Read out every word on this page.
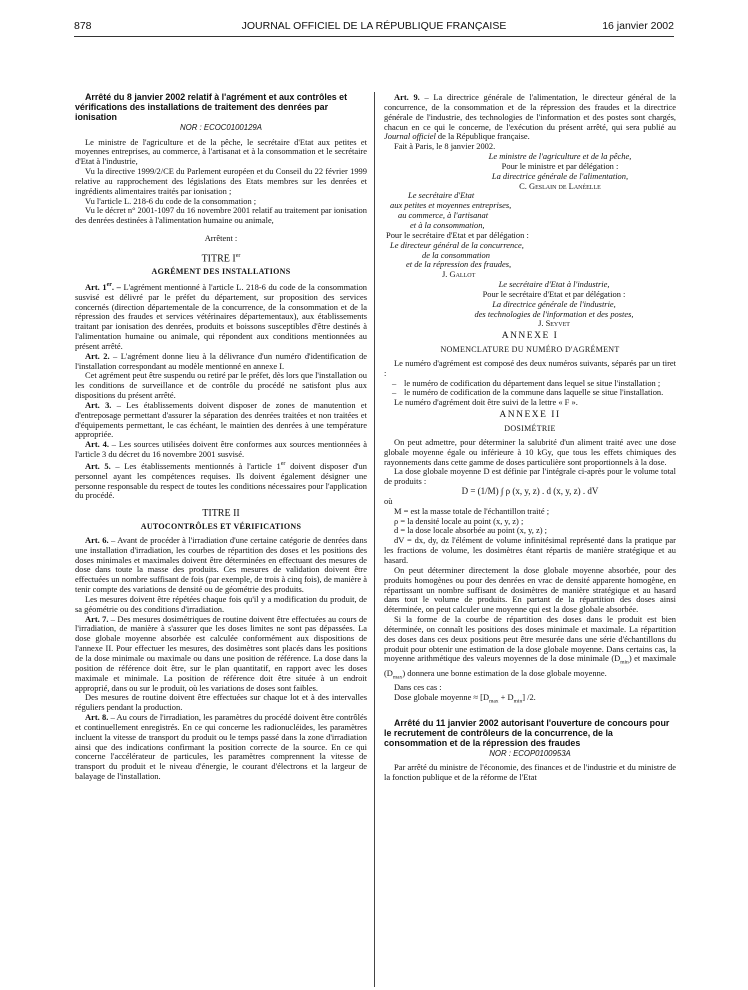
878	JOURNAL OFFICIEL DE LA RÉPUBLIQUE FRANÇAISE	16 janvier 2002

Arrêté du 8 janvier 2002 relatif à l'agrément et aux contrôles et vérifications des installations de traitement des denrées par ionisation

NOR : ECOC0100129A

Le ministre de l'agriculture et de la pêche, le secrétaire d'Etat aux petites et moyennes entreprises, au commerce, à l'artisanat et à la consommation et le secrétaire d'Etat à l'industrie,

Vu la directive 1999/2/CE du Parlement européen et du Conseil du 22 février 1999 relative au rapprochement des législations des Etats membres sur les denrées et ingrédients alimentaires traités par ionisation ;

Vu l'article L. 218-6 du code de la consommation ;

Vu le décret n° 2001-1097 du 16 novembre 2001 relatif au traitement par ionisation des denrées destinées à l'alimentation humaine ou animale,

Arrêtent :

TITRE Ier

AGRÉMENT DES INSTALLATIONS

Art. 1er. – L'agrément mentionné à l'article L. 218-6 du code de la consommation susvisé est délivré par le préfet du département, sur proposition des services concernés (direction départementale de la concurrence, de la consommation et de la répression des fraudes et services vétérinaires départementaux), aux établissements traitant par ionisation des denrées, produits et boissons susceptibles d'être destinés à l'alimentation humaine ou animale, qui répondent aux conditions mentionnées au présent arrêté.

Art. 2. – L'agrément donne lieu à la délivrance d'un numéro d'identification de l'installation correspondant au modèle mentionné en annexe I.

Cet agrément peut être suspendu ou retiré par le préfet, dès lors que l'installation ou les conditions de surveillance et de contrôle du procédé ne satisfont plus aux dispositions du présent arrêté.

Art. 3. – Les établissements doivent disposer de zones de manutention et d'entreposage permettant d'assurer la séparation des denrées traitées et non traitées et d'équipements permettant, le cas échéant, le maintien des denrées à une température appropriée.

Art. 4. – Les sources utilisées doivent être conformes aux sources mentionnées à l'article 3 du décret du 16 novembre 2001 susvisé.

Art. 5. – Les établissements mentionnés à l'article 1er doivent disposer d'un personnel ayant les compétences requises. Ils doivent également désigner une personne responsable du respect de toutes les conditions nécessaires pour l'application du procédé.

TITRE II

AUTOCONTRÔLES ET VÉRIFICATIONS

Art. 6. – Avant de procéder à l'irradiation d'une certaine catégorie de denrées dans une installation d'irradiation, les courbes de répartition des doses et les positions des doses minimales et maximales doivent être déterminées en effectuant des mesures de dose dans toute la masse des produits. Ces mesures de validation doivent être effectuées un nombre suffisant de fois (par exemple, de trois à cinq fois), de manière à tenir compte des variations de densité ou de géométrie des produits.

Les mesures doivent être répétées chaque fois qu'il y a modification du produit, de sa géométrie ou des conditions d'irradiation.

Art. 7. – Des mesures dosimétriques de routine doivent être effectuées au cours de l'irradiation, de manière à s'assurer que les doses limites ne sont pas dépassées. La dose globale moyenne absorbée est calculée conformément aux dispositions de l'annexe II. Pour effectuer les mesures, des dosimètres sont placés dans les positions de la dose minimale ou maximale ou dans une position de référence. La dose dans la position de référence doit être, sur le plan quantitatif, en rapport avec les doses maximale et minimale. La position de référence doit être située à un endroit approprié, dans ou sur le produit, où les variations de doses sont faibles.

Des mesures de routine doivent être effectuées sur chaque lot et à des intervalles réguliers pendant la production.

Art. 8. – Au cours de l'irradiation, les paramètres du procédé doivent être contrôlés et continuellement enregistrés. En ce qui concerne les radionucléides, les paramètres incluent la vitesse de transport du produit ou le temps passé dans la zone d'irradiation ainsi que des indications confirmant la position correcte de la source. En ce qui concerne l'accélérateur de particules, les paramètres comprennent la vitesse de transport du produit et le niveau d'énergie, le courant d'électrons et la largeur de balayage de l'installation.

Art. 9. – La directrice générale de l'alimentation, le directeur général de la concurrence, de la consommation et de la répression des fraudes et la directrice générale de l'industrie, des technologies de l'information et des postes sont chargés, chacun en ce qui le concerne, de l'exécution du présent arrêté, qui sera publié au Journal officiel de la République française.

Fait à Paris, le 8 janvier 2002.

Le ministre de l'agriculture et de la pêche,

Pour le ministre et par délégation :

La directrice générale de l'alimentation,

C. Geslain de Lanéelle

Le secrétaire d'Etat

aux petites et moyennes entreprises,

au commerce, à l'artisanat

et à la consommation,

Pour le secrétaire d'Etat et par délégation :

Le directeur général de la concurrence,

de la consommation

et de la répression des fraudes,

J. Gallot

Le secrétaire d'Etat à l'industrie,

Pour le secrétaire d'Etat et par délégation :

La directrice générale de l'industrie,

des technologies de l'information et des postes,

J. Seyvet

ANNEXE I

NOMENCLATURE DU NUMÉRO D'AGRÉMENT

Le numéro d'agrément est composé des deux numéros suivants, séparés par un tiret :

– le numéro de codification du département dans lequel se situe l'installation ;

– le numéro de codification de la commune dans laquelle se situe l'installation.

Le numéro d'agrément doit être suivi de la lettre « F ».

ANNEXE II

DOSIMÉTRIE

On peut admettre, pour déterminer la salubrité d'un aliment traité avec une dose globale moyenne égale ou inférieure à 10 kGy, que tous les effets chimiques des rayonnements dans cette gamme de doses particulière sont proportionnels à la dose.

La dose globale moyenne D est définie par l'intégrale ci-après pour le volume total de produits :

D = (1/M) ∫ ρ (x, y, z) . d (x, y, z) . dV

où

M = est la masse totale de l'échantillon traité ;

ρ = la densité locale au point (x, y, z) ;

d = la dose locale absorbée au point (x, y, z) ;

dV = dx, dy, dz l'élément de volume infinitésimal représenté dans la pratique par les fractions de volume, les dosimètres étant répartis de manière stratégique et au hasard.

On peut déterminer directement la dose globale moyenne absorbée, pour des produits homogènes ou pour des denrées en vrac de densité apparente homogène, en répartissant un nombre suffisant de dosimètres de manière stratégique et au hasard dans tout le volume de produits. En partant de la répartition des doses ainsi déterminée, on peut calculer une moyenne qui est la dose globale absorbée.

Si la forme de la courbe de répartition des doses dans le produit est bien déterminée, on connaît les positions des doses minimale et maximale. La répartition des doses dans ces deux positions peut être mesurée dans une série d'échantillons du produit pour obtenir une estimation de la dose globale moyenne. Dans certains cas, la moyenne arithmétique des valeurs moyennes de la dose minimale $(D_{min})$ et maximale $(D_{max})$ donnera une bonne estimation de la dose globale moyenne.

Dans ces cas :

Dose globale moyenne ≈ $[D_{max} + D_{min}]$ /2.

Arrêté du 11 janvier 2002 autorisant l'ouverture de concours pour le recrutement de contrôleurs de la concurrence, de la consommation et de la répression des fraudes

NOR : ECOP0100953A

Par arrêté du ministre de l'économie, des finances et de l'industrie et du ministre de la fonction publique et de la réforme de l'Etat
